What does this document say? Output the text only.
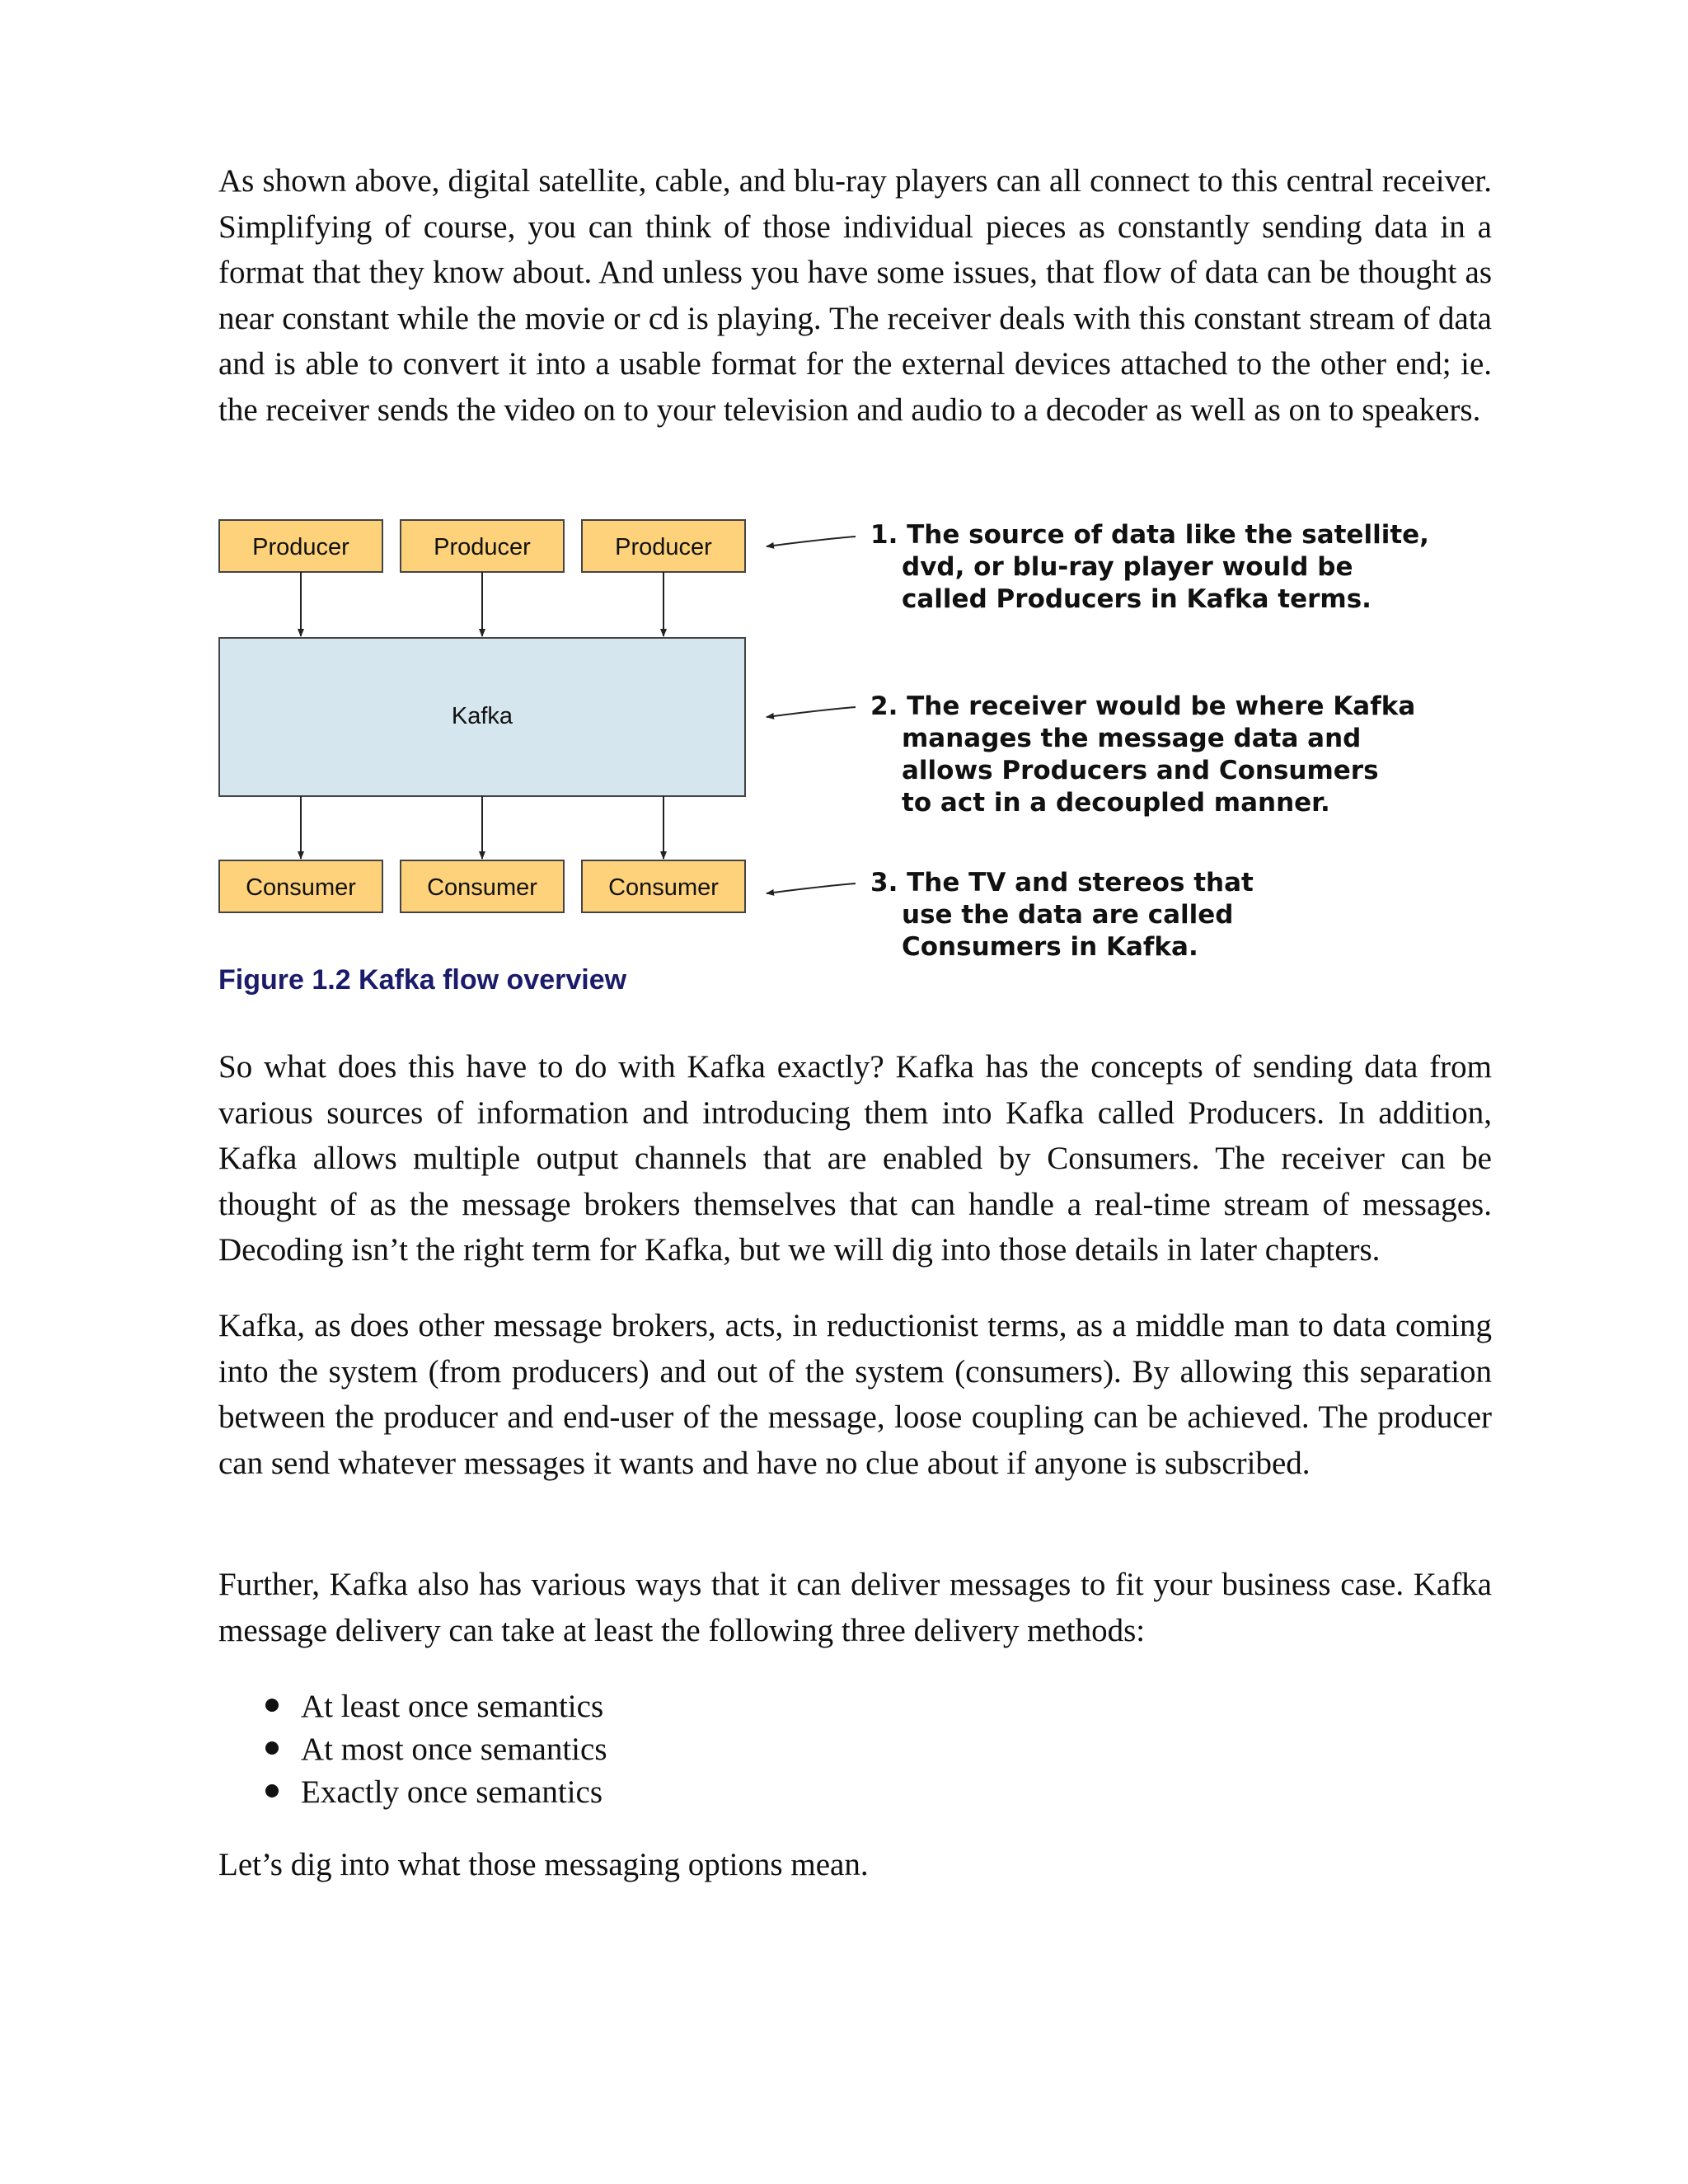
As shown above, digital satellite, cable, and blu-ray players can all connect to this central receiver. Simplifying of course, you can think of those individual pieces as constantly sending data in a format that they know about. And unless you have some issues, that flow of data can be thought as near constant while the movie or cd is playing. The receiver deals with this constant stream of data and is able to convert it into a usable format for the external devices attached to the other end; ie. the receiver sends the video on to your television and audio to a decoder as well as on to speakers.

Producer	Producer	Producer
Kafka
Consumer	Consumer	Consumer
1. The source of data like the satellite,
dvd, or blu-ray player would be
called Producers in Kafka terms.
2. The receiver would be where Kafka
manages the message data and
allows Producers and Consumers
to act in a decoupled manner.
3. The TV and stereos that
use the data are called
Consumers in Kafka.

Figure 1.2 Kafka flow overview

So what does this have to do with Kafka exactly? Kafka has the concepts of sending data from various sources of information and introducing them into Kafka called Producers. In addition, Kafka allows multiple output channels that are enabled by Consumers. The receiver can be thought of as the message brokers themselves that can handle a real-time stream of messages. Decoding isn’t the right term for Kafka, but we will dig into those details in later chapters.

Kafka, as does other message brokers, acts, in reductionist terms, as a middle man to data coming into the system (from producers) and out of the system (consumers). By allowing this separation between the producer and end-user of the message, loose coupling can be achieved. The producer can send whatever messages it wants and have no clue about if anyone is subscribed.

Further, Kafka also has various ways that it can deliver messages to fit your business case. Kafka message delivery can take at least the following three delivery methods:

At least once semantics
At most once semantics
Exactly once semantics

Let’s dig into what those messaging options mean.
